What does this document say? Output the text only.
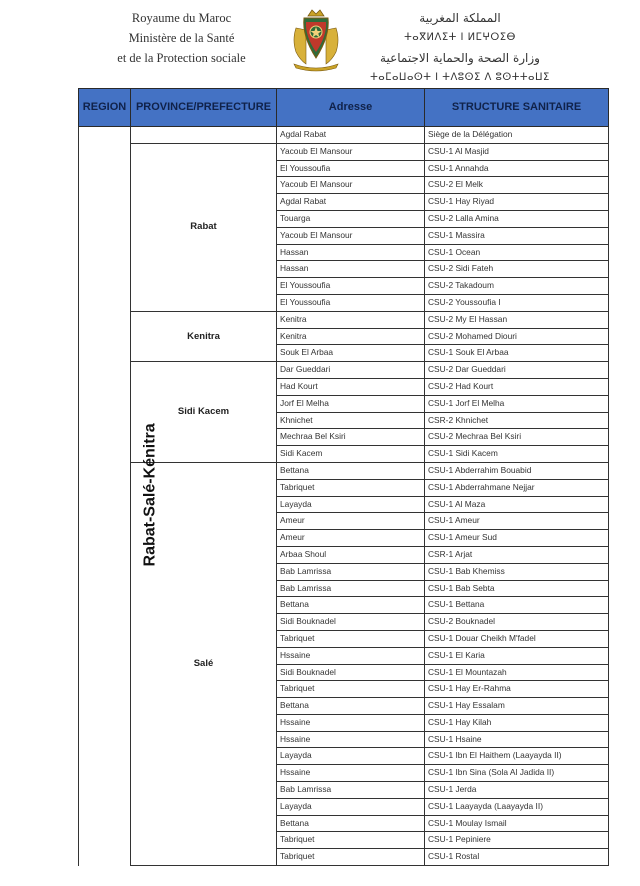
Royaume du Maroc
Ministère de la Santé
et de la Protection sociale
المملكة المغربية
ⵜⴰⴳⵍⴷⵉⵜ ⵏ ⵍⵎⵖⵔⵉⴱ
وزارة الصحة والحماية الاجتماعية
ⵜⴰⵎⴰⵡⴰⵙⵜ ⵏ ⵜⴷⵓⵙⵉ ⴷ ⵓⵙⵜⵜⴰⵡⵉ
REGION	PROVINCE/PREFECTURE	Adresse	STRUCTURE SANITAIRE
Rabat-Salé-Kénitra		Agdal Rabat	Siège de la Délégation
	Rabat	Yacoub El Mansour	CSU-1 Al Masjid
		El Youssoufia	CSU-1 Annahda
		Yacoub El Mansour	CSU-2 El Melk
		Agdal Rabat	CSU-1 Hay Riyad
		Touarga	CSU-2 Lalla Amina
		Yacoub El Mansour	CSU-1 Massira
		Hassan	CSU-1 Ocean
		Hassan	CSU-2 Sidi Fateh
		El Youssoufia	CSU-2 Takadoum
		El Youssoufia	CSU-2 Youssoufia I
	Kenitra	Kenitra	CSU-2 My El Hassan
		Kenitra	CSU-2 Mohamed Diouri
		Souk El Arbaa	CSU-1 Souk El Arbaa
	Sidi Kacem	Dar Gueddari	CSU-2 Dar Gueddari
		Had Kourt	CSU-2 Had Kourt
		Jorf El Melha	CSU-1 Jorf El Melha
		Khnichet	CSR-2 Khnichet
		Mechraa Bel Ksiri	CSU-2 Mechraa Bel Ksiri
		Sidi Kacem	CSU-1 Sidi Kacem
	Salé	Bettana	CSU-1 Abderrahim Bouabid
		Tabriquet	CSU-1 Abderrahmane Nejjar
		Layayda	CSU-1 Al Maza
		Ameur	CSU-1 Ameur
		Ameur	CSU-1 Ameur Sud
		Arbaa Shoul	CSR-1 Arjat
		Bab Lamrissa	CSU-1 Bab Khemiss
		Bab Lamrissa	CSU-1 Bab Sebta
		Bettana	CSU-1 Bettana
		Sidi Bouknadel	CSU-2 Bouknadel
		Tabriquet	CSU-1 Douar Cheikh M'fadel
		Hssaine	CSU-1 El Karia
		Sidi Bouknadel	CSU-1 El Mountazah
		Tabriquet	CSU-1 Hay Er-Rahma
		Bettana	CSU-1 Hay Essalam
		Hssaine	CSU-1 Hay Kilah
		Hssaine	CSU-1 Hsaine
		Layayda	CSU-1 Ibn El Haithem (Laayayda II)
		Hssaine	CSU-1 Ibn Sina (Sola Al Jadida II)
		Bab Lamrissa	CSU-1 Jerda
		Layayda	CSU-1 Laayayda (Laayayda II)
		Bettana	CSU-1 Moulay Ismail
		Tabriquet	CSU-1 Pepiniere
		Tabriquet	CSU-1 Rostal
